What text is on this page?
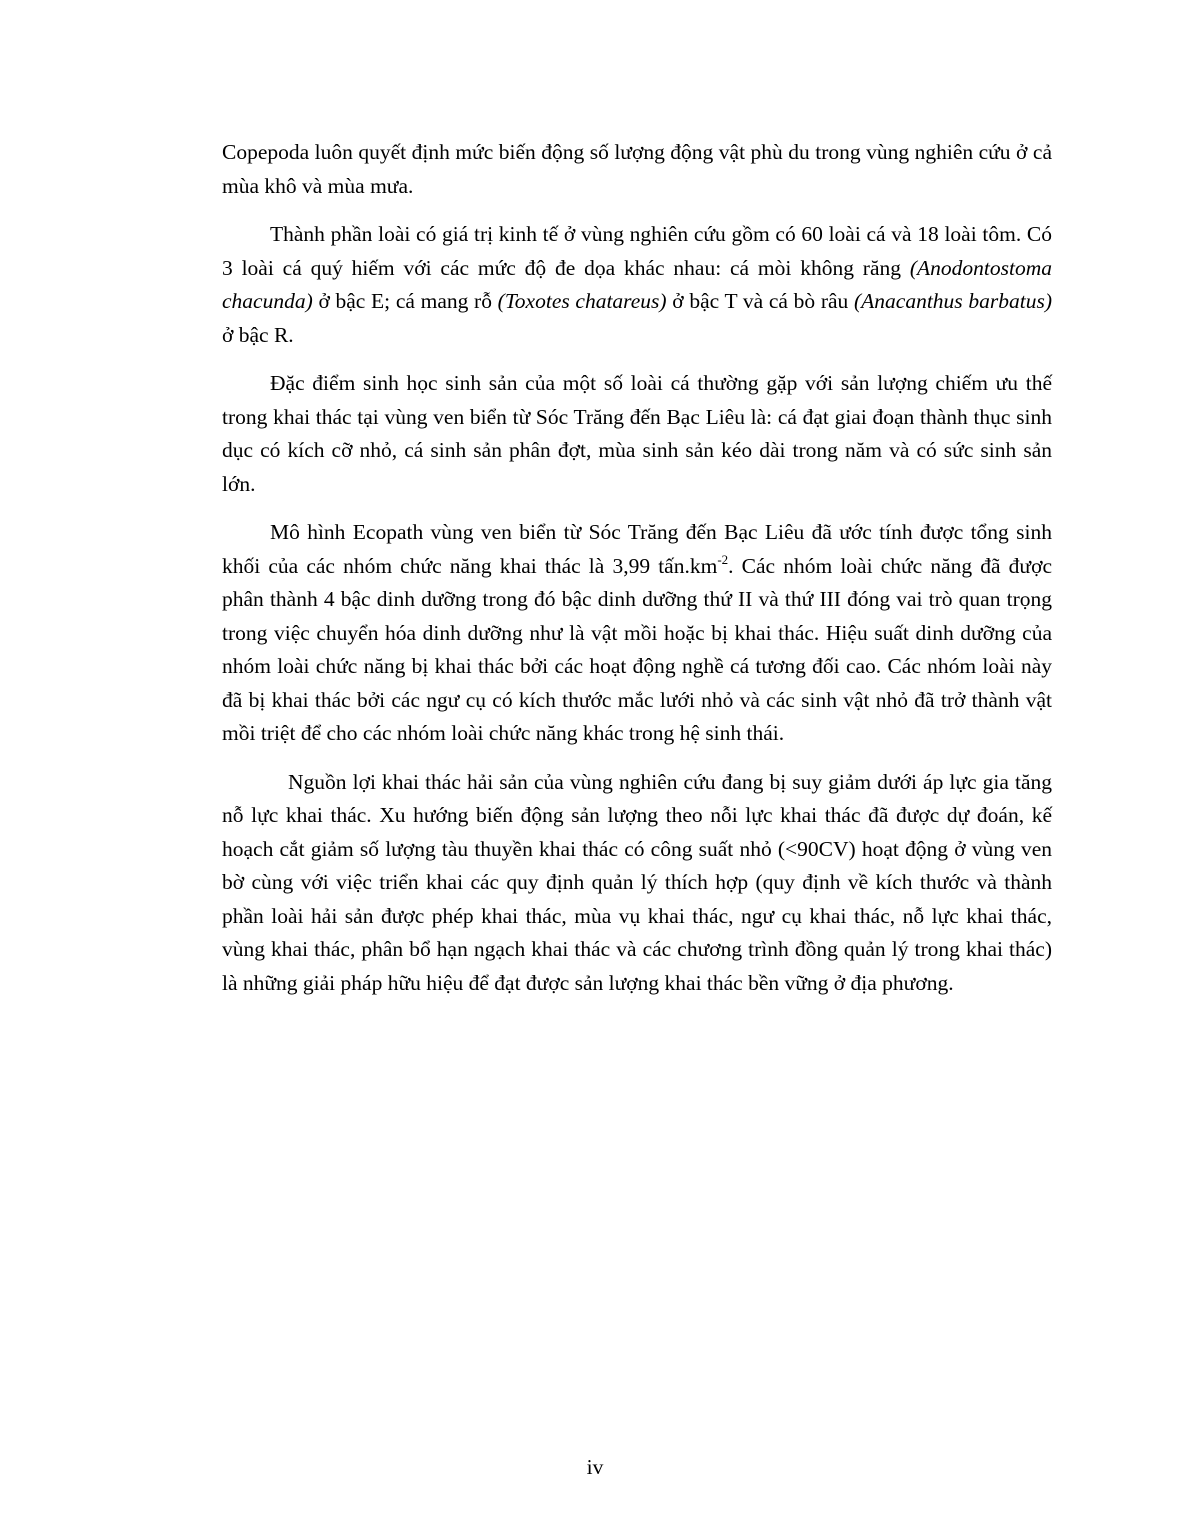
Copepoda luôn quyết định mức biến động số lượng động vật phù du trong vùng nghiên cứu ở cả mùa khô và mùa mưa.

Thành phần loài có giá trị kinh tế ở vùng nghiên cứu gồm có 60 loài cá và 18 loài tôm. Có 3 loài cá quý hiếm với các mức độ đe dọa khác nhau: cá mòi không răng (Anodontostoma chacunda) ở bậc E; cá mang rỗ (Toxotes chatareus) ở bậc T và cá bò râu (Anacanthus barbatus) ở bậc R.

Đặc điểm sinh học sinh sản của một số loài cá thường gặp với sản lượng chiếm ưu thế trong khai thác tại vùng ven biển từ Sóc Trăng đến Bạc Liêu là: cá đạt giai đoạn thành thục sinh dục có kích cỡ nhỏ, cá sinh sản phân đợt, mùa sinh sản kéo dài trong năm và có sức sinh sản lớn.

Mô hình Ecopath vùng ven biển từ Sóc Trăng đến Bạc Liêu đã ước tính được tổng sinh khối của các nhóm chức năng khai thác là 3,99 $tấn.km^{-2}$. Các nhóm loài chức năng đã được phân thành 4 bậc dinh dưỡng trong đó bậc dinh dưỡng thứ II và thứ III đóng vai trò quan trọng trong việc chuyển hóa dinh dưỡng như là vật mồi hoặc bị khai thác. Hiệu suất dinh dưỡng của nhóm loài chức năng bị khai thác bởi các hoạt động nghề cá tương đối cao. Các nhóm loài này đã bị khai thác bởi các ngư cụ có kích thước mắc lưới nhỏ và các sinh vật nhỏ đã trở thành vật mồi triệt để cho các nhóm loài chức năng khác trong hệ sinh thái.

Nguồn lợi khai thác hải sản của vùng nghiên cứu đang bị suy giảm dưới áp lực gia tăng nỗ lực khai thác. Xu hướng biến động sản lượng theo nỗi lực khai thác đã được dự đoán, kế hoạch cắt giảm số lượng tàu thuyền khai thác có công suất nhỏ (<90CV) hoạt động ở vùng ven bờ cùng với việc triển khai các quy định quản lý thích hợp (quy định về kích thước và thành phần loài hải sản được phép khai thác, mùa vụ khai thác, ngư cụ khai thác, nỗ lực khai thác, vùng khai thác, phân bổ hạn ngạch khai thác và các chương trình đồng quản lý trong khai thác) là những giải pháp hữu hiệu để đạt được sản lượng khai thác bền vững ở địa phương.

iv
